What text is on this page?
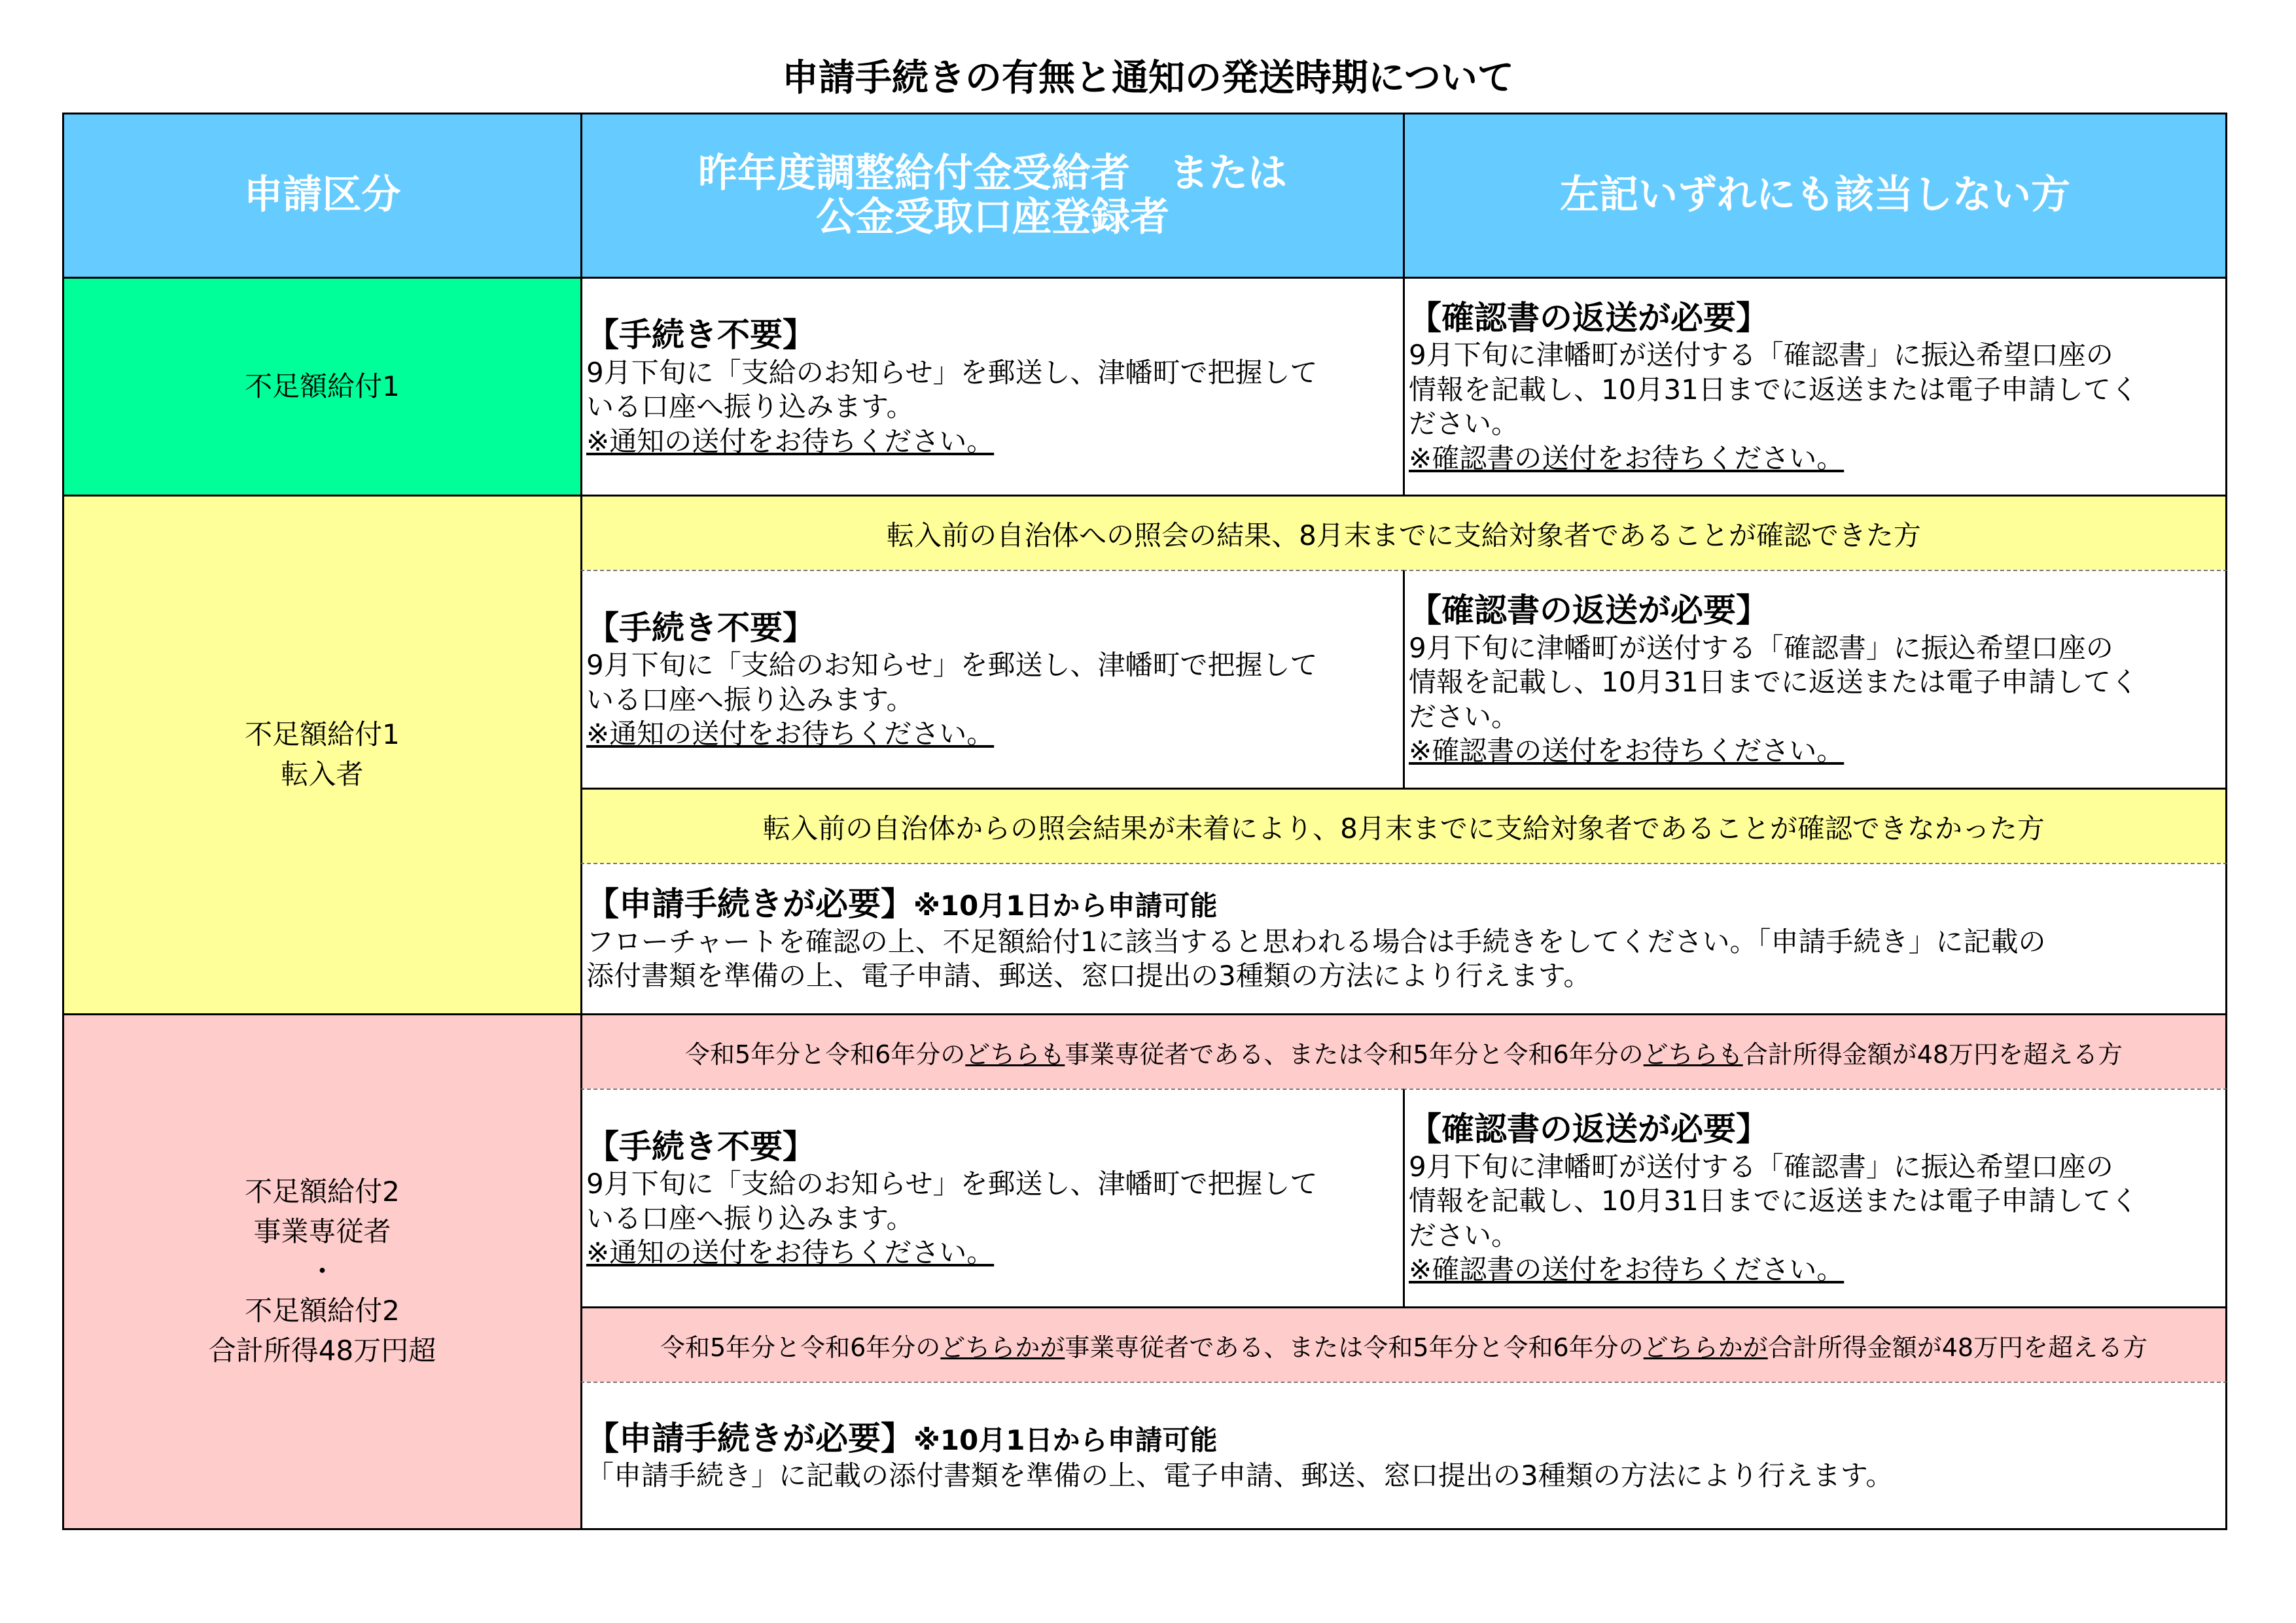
申請手続きの有無と通知の発送時期について
申請区分	昨年度調整給付金受給者　または
公金受取口座登録者	左記いずれにも該当しない方
不足額給付1
【手続き不要】
9月下旬に「支給のお知らせ」を郵送し、津幡町で把握して
いる口座へ振り込みます。
※通知の送付をお待ちください。
【確認書の返送が必要】
9月下旬に津幡町が送付する「確認書」に振込希望口座の
情報を記載し、10月31日までに返送または電子申請してく
ださい。
※確認書の送付をお待ちください。
不足額給付1
転入者
転入前の自治体への照会の結果、8月末までに支給対象者であることが確認できた方
【手続き不要】
9月下旬に「支給のお知らせ」を郵送し、津幡町で把握して
いる口座へ振り込みます。
※通知の送付をお待ちください。
【確認書の返送が必要】
9月下旬に津幡町が送付する「確認書」に振込希望口座の
情報を記載し、10月31日までに返送または電子申請してく
ださい。
※確認書の送付をお待ちください。
転入前の自治体からの照会結果が未着により、8月末までに支給対象者であることが確認できなかった方
【申請手続きが必要】※10月1日から申請可能
フローチャートを確認の上、不足額給付1に該当すると思われる場合は手続きをしてください。「申請手続き」に記載の
添付書類を準備の上、電子申請、郵送、窓口提出の3種類の方法により行えます。
不足額給付2
事業専従者
・
不足額給付2
合計所得48万円超
令和5年分と令和6年分の どちらも 事業専従者である、または令和5年分と令和6年分の どちらも 合計所得金額が48万円を超える方
【手続き不要】
9月下旬に「支給のお知らせ」を郵送し、津幡町で把握して
いる口座へ振り込みます。
※通知の送付をお待ちください。
【確認書の返送が必要】
9月下旬に津幡町が送付する「確認書」に振込希望口座の
情報を記載し、10月31日までに返送または電子申請してく
ださい。
※確認書の送付をお待ちください。
令和5年分と令和6年分の どちらかが 事業専従者である、または令和5年分と令和6年分の どちらかが 合計所得金額が48万円を超える方
【申請手続きが必要】※10月1日から申請可能
「申請手続き」に記載の添付書類を準備の上、電子申請、郵送、窓口提出の3種類の方法により行えます。
